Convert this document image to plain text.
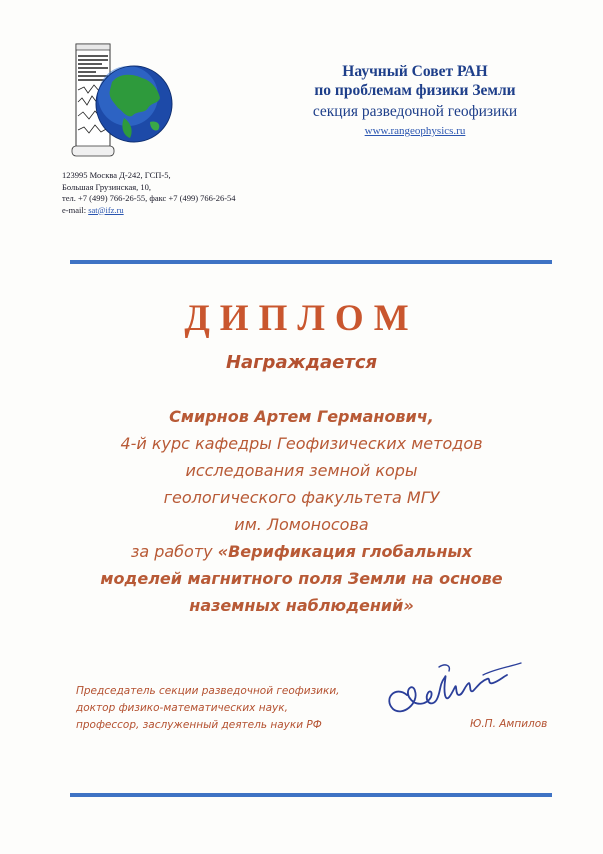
Научный Совет РАН
по проблемам физики Земли
секция разведочной геофизики
www.rangeophysics.ru
123995 Москва Д-242, ГСП-5,
Большая Грузинская, 10,
тел. +7 (499) 766-26-55, факс +7 (499) 766-26-54
e-mail: sat@ifz.ru
ДИПЛОМ
Награждается
Смирнов Артем Германович,
4-й курс кафедры Геофизических методов
исследования земной коры
геологического факультета МГУ
им. Ломоносова
за работу «Верификация глобальных
моделей магнитного поля Земли на основе
наземных наблюдений»
Председатель секции разведочной геофизики,
доктор физико-математических наук,
профессор, заслуженный деятель науки РФ	Ю.П. Ампилов
